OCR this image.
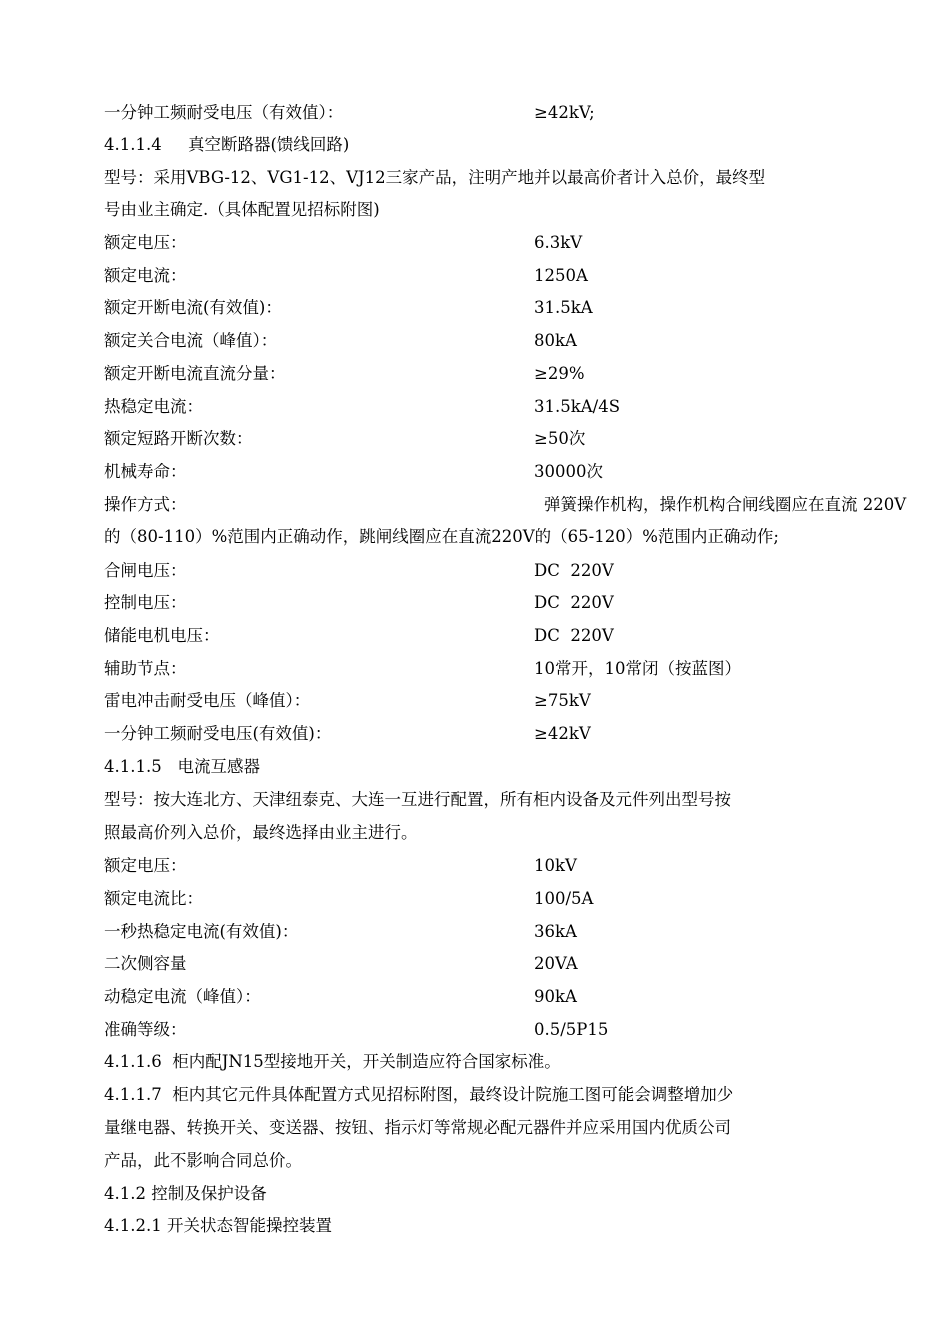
一分钟工频耐受电压（有效值）：	≥42kV;
4.1.1.4     真空断路器(馈线回路)
型号：采用VBG-12、VG1-12、VJ12三家产品，注明产地并以最高价者计入总价，最终型
号由业主确定.（具体配置见招标附图)
额定电压：	6.3kV
额定电流：	1250A
额定开断电流(有效值)：	31.5kA
额定关合电流（峰值）：	80kA
额定开断电流直流分量：	≥29%
热稳定电流：	31.5kA/4S
额定短路开断次数：	≥50次
机械寿命：	30000次
操作方式：	弹簧操作机构，操作机构合闸线圈应在直流 220V
的（80-110）%范围内正确动作，跳闸线圈应在直流220V的（65-120）%范围内正确动作;
合闸电压：	DC  220V
控制电压：	DC  220V
储能电机电压：	DC  220V
辅助节点：	10常开，10常闭（按蓝图）
雷电冲击耐受电压（峰值）：	≥75kV
一分钟工频耐受电压(有效值)：	≥42kV
4.1.1.5   电流互感器
型号：按大连北方、天津纽泰克、大连一互进行配置，所有柜内设备及元件列出型号按
照最高价列入总价，最终选择由业主进行。
额定电压：	10kV
额定电流比：	100/5A
一秒热稳定电流(有效值)：	36kA
二次侧容量	20VA
动稳定电流（峰值）：	90kA
准确等级：	0.5/5P15
4.1.1.6  柜内配JN15型接地开关，开关制造应符合国家标准。
4.1.1.7  柜内其它元件具体配置方式见招标附图，最终设计院施工图可能会调整增加少
量继电器、转换开关、变送器、按钮、指示灯等常规必配元器件并应采用国内优质公司
产品，此不影响合同总价。
4.1.2 控制及保护设备
4.1.2.1 开关状态智能操控装置
